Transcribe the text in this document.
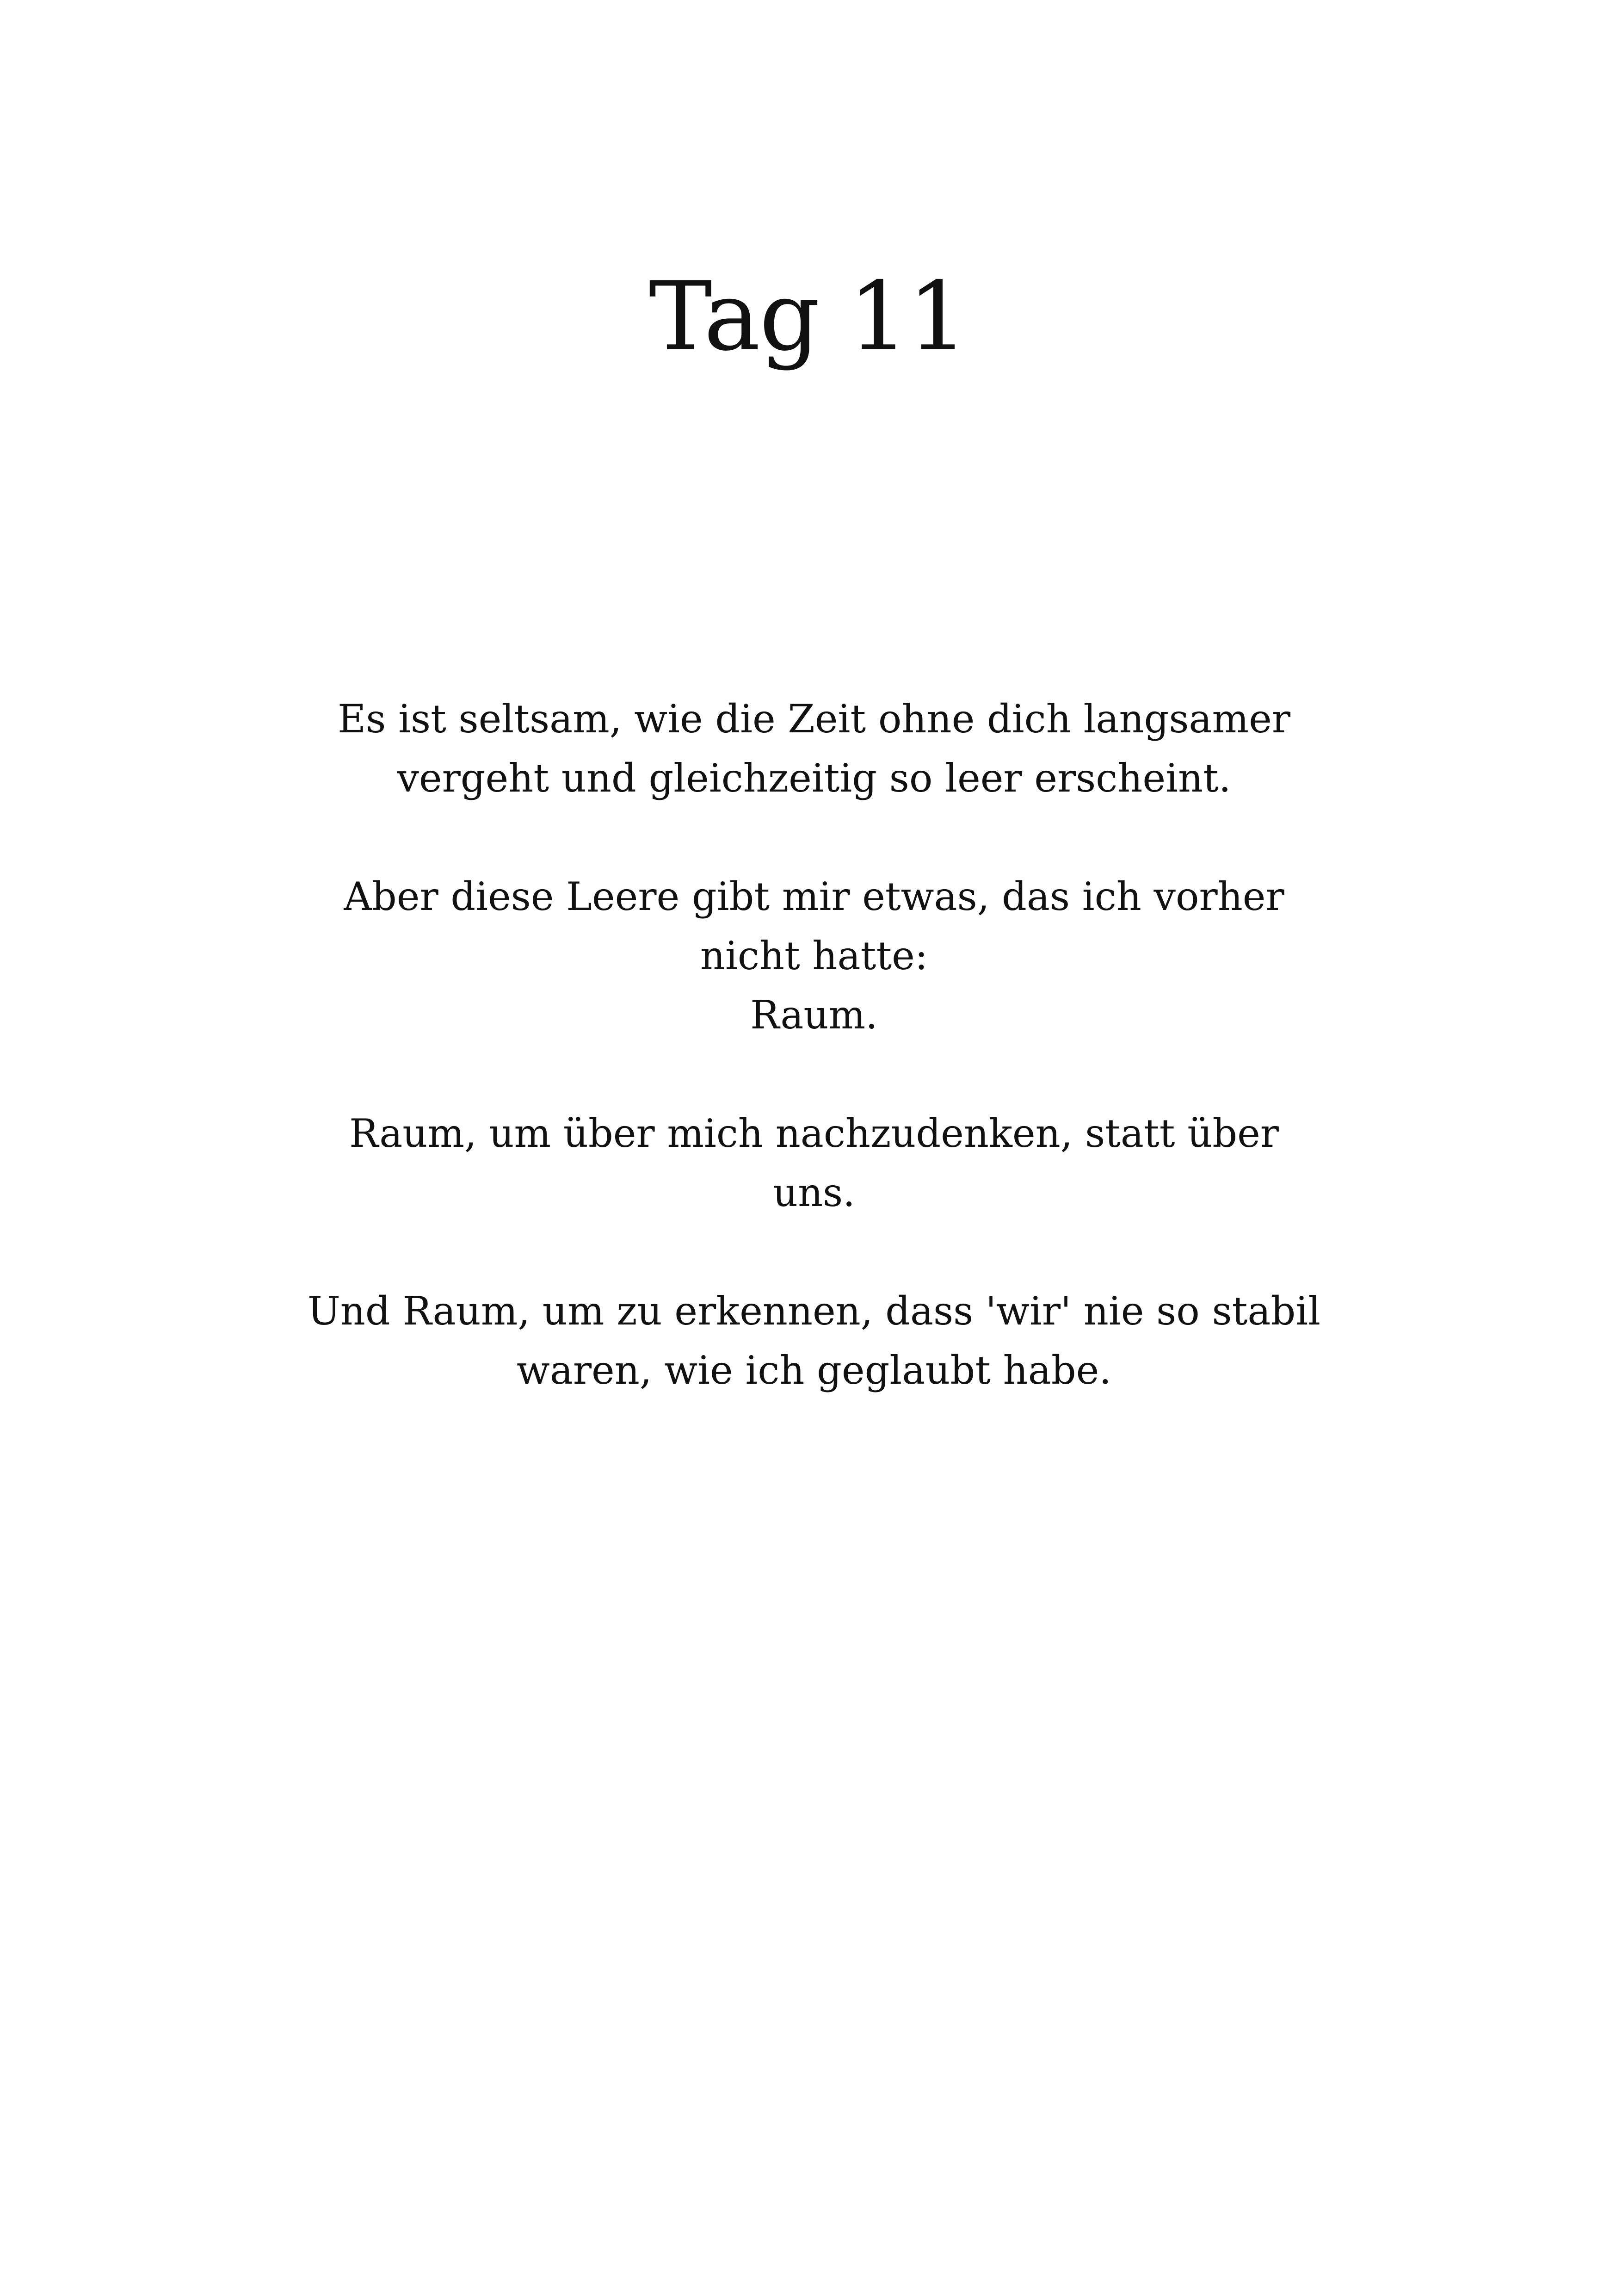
Tag 11

Es ist seltsam, wie die Zeit ohne dich langsamer
vergeht und gleichzeitig so leer erscheint.

Aber diese Leere gibt mir etwas, das ich vorher
nicht hatte:
Raum.

Raum, um über mich nachzudenken, statt über
uns.

Und Raum, um zu erkennen, dass 'wir' nie so stabil
waren, wie ich geglaubt habe.
